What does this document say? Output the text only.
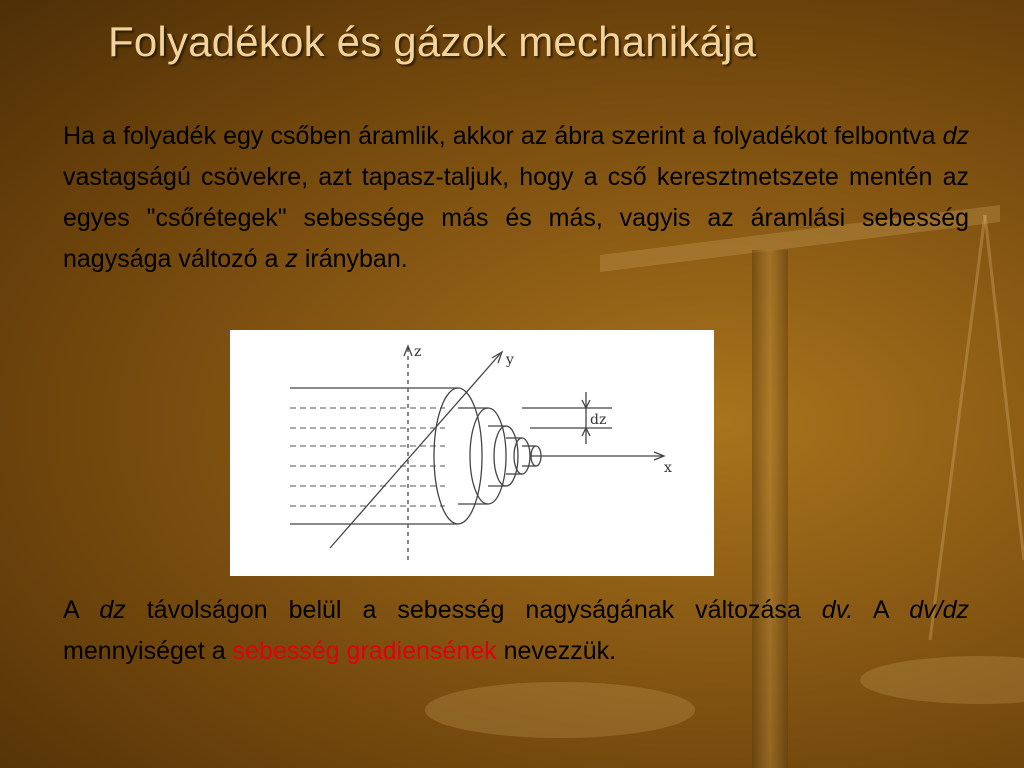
Folyadékok és gázok mechanikája

Ha a folyadék egy csőben áramlik, akkor az ábra szerint a folyadékot felbontva dz vastagságú csövekre, azt tapasz-taljuk, hogy a cső keresztmetszete mentén az egyes "csőrétegek" sebessége más és más, vagyis az áramlási sebesség nagysága változó a z irányban.

z	y
x
dz

A dz távolságon belül a sebesség nagyságának változása dv. A dv/dz mennyiséget a sebesség gradiensének nevezzük.
